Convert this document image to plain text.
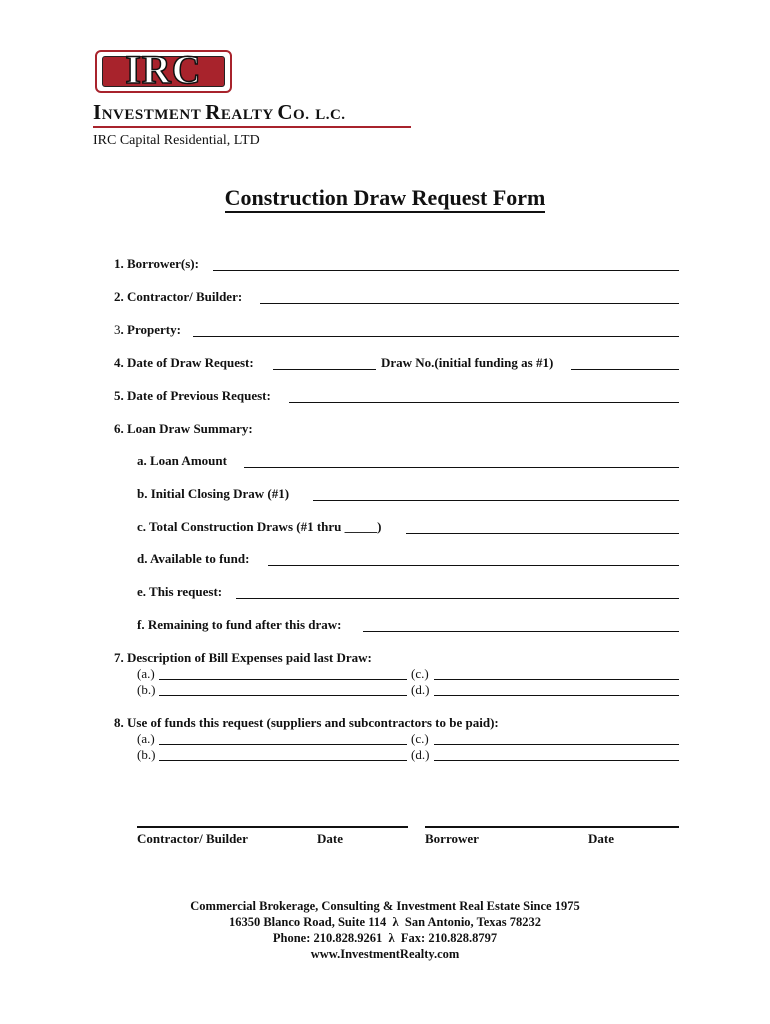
IRC
INVESTMENT REALTY CO. L.C.
IRC Capital Residential, LTD
Construction Draw Request Form
1. Borrower(s):
2. Contractor/ Builder:
3. Property:
4. Date of Draw Request:	Draw No.(initial funding as #1)
5. Date of Previous Request:
6. Loan Draw Summary:
a. Loan Amount
b. Initial Closing Draw (#1)
c. Total Construction Draws (#1 thru _____)
d. Available to fund:
e. This request:
f. Remaining to fund after this draw:
7. Description of Bill Expenses paid last Draw:
(a.)	(c.)
(b.)	(d.)
8. Use of funds this request (suppliers and subcontractors to be paid):
(a.)	(c.)
(b.)	(d.)
Contractor/ Builder	Date	Borrower	Date
Commercial Brokerage, Consulting & Investment Real Estate Since 1975
16350 Blanco Road, Suite 114 λ San Antonio, Texas 78232
Phone: 210.828.9261 λ Fax: 210.828.8797
www.InvestmentRealty.com
